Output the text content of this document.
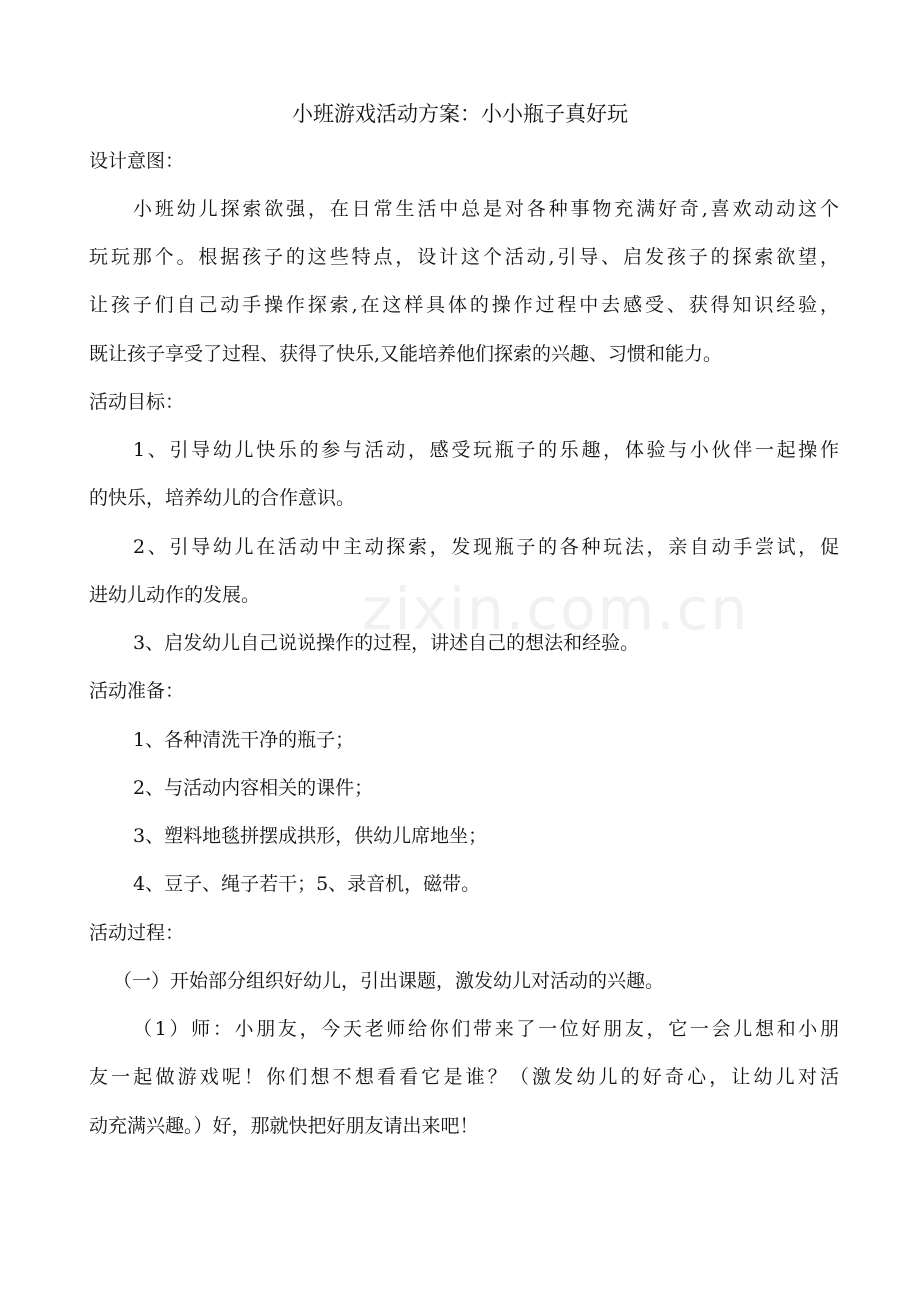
zixin.com.cn
小班游戏活动方案：小小瓶子真好玩
设计意图：
小班幼儿探索欲强，在日常生活中总是对各种事物充满好奇,喜欢动动这个
玩玩那个。根据孩子的这些特点，设计这个活动,引导、启发孩子的探索欲望，
让孩子们自己动手操作探索,在这样具体的操作过程中去感受、获得知识经验，
既让孩子享受了过程、获得了快乐,又能培养他们探索的兴趣、习惯和能力。
活动目标：
1、引导幼儿快乐的参与活动，感受玩瓶子的乐趣，体验与小伙伴一起操作
的快乐，培养幼儿的合作意识。
2、引导幼儿在活动中主动探索，发现瓶子的各种玩法，亲自动手尝试，促
进幼儿动作的发展。
3、启发幼儿自己说说操作的过程，讲述自己的想法和经验。
活动准备：
1、各种清洗干净的瓶子；
2、与活动内容相关的课件；
3、塑料地毯拼摆成拱形，供幼儿席地坐；
4、豆子、绳子若干；5、录音机，磁带。
活动过程：
（一）开始部分组织好幼儿，引出课题，激发幼儿对活动的兴趣。
（1）师：小朋友，今天老师给你们带来了一位好朋友，它一会儿想和小朋
友一起做游戏呢！你们想不想看看它是谁？（激发幼儿的好奇心，让幼儿对活
动充满兴趣。）好，那就快把好朋友请出来吧！
